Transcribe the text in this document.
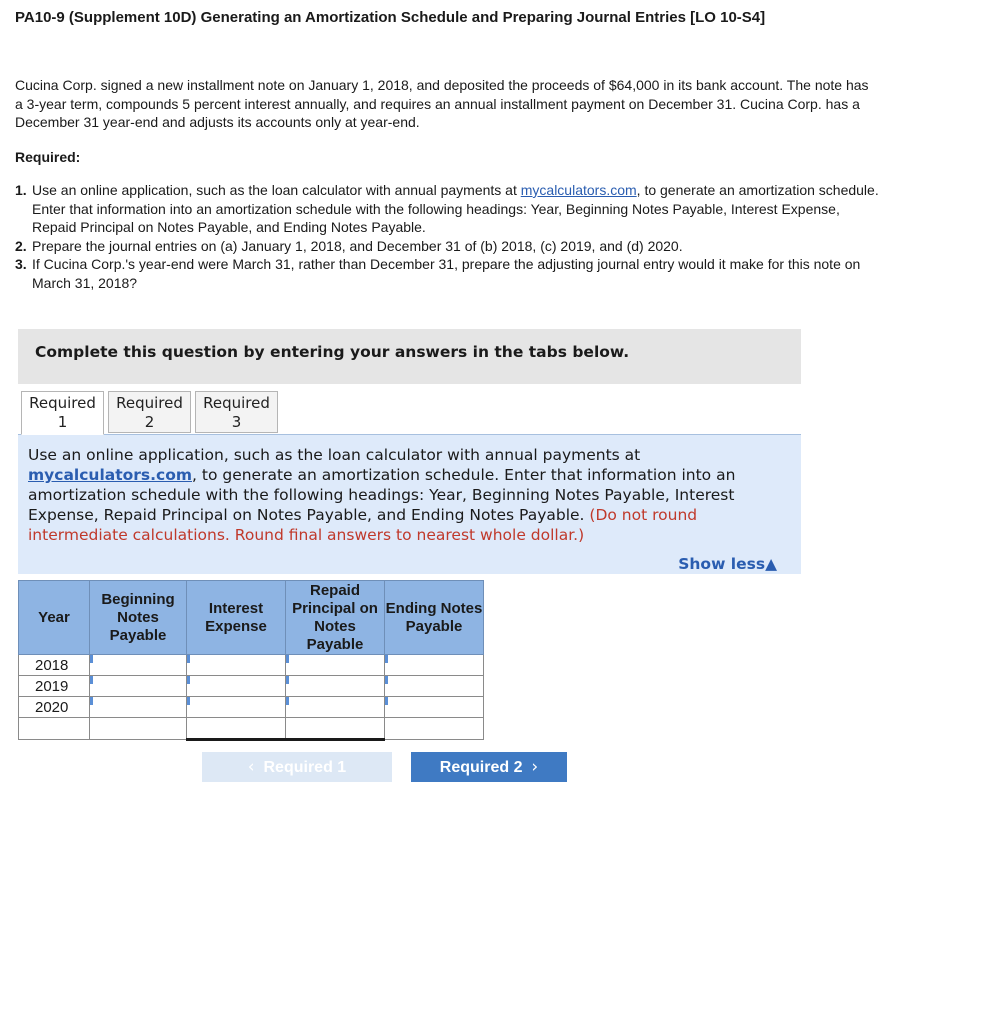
PA10-9 (Supplement 10D) Generating an Amortization Schedule and Preparing Journal Entries [LO 10-S4]
Cucina Corp. signed a new installment note on January 1, 2018, and deposited the proceeds of $64,000 in its bank account. The note has a 3-year term, compounds 5 percent interest annually, and requires an annual installment payment on December 31. Cucina Corp. has a December 31 year-end and adjusts its accounts only at year-end.
Required:
1. Use an online application, such as the loan calculator with annual payments at mycalculators.com, to generate an amortization schedule. Enter that information into an amortization schedule with the following headings: Year, Beginning Notes Payable, Interest Expense, Repaid Principal on Notes Payable, and Ending Notes Payable.
2. Prepare the journal entries on (a) January 1, 2018, and December 31 of (b) 2018, (c) 2019, and (d) 2020.
3. If Cucina Corp.'s year-end were March 31, rather than December 31, prepare the adjusting journal entry would it make for this note on March 31, 2018?
Complete this question by entering your answers in the tabs below.
Required
1
Required
2
Required
3
Use an online application, such as the loan calculator with annual payments at mycalculators.com, to generate an amortization schedule. Enter that information into an amortization schedule with the following headings: Year, Beginning Notes Payable, Interest Expense, Repaid Principal on Notes Payable, and Ending Notes Payable. (Do not round intermediate calculations. Round final answers to nearest whole dollar.)
Show less▲
Year	Beginning Notes Payable	Interest Expense	Repaid Principal on Notes Payable	Ending Notes Payable
2018				
2019				
2020				

‹ Required 1	Required 2 ›
